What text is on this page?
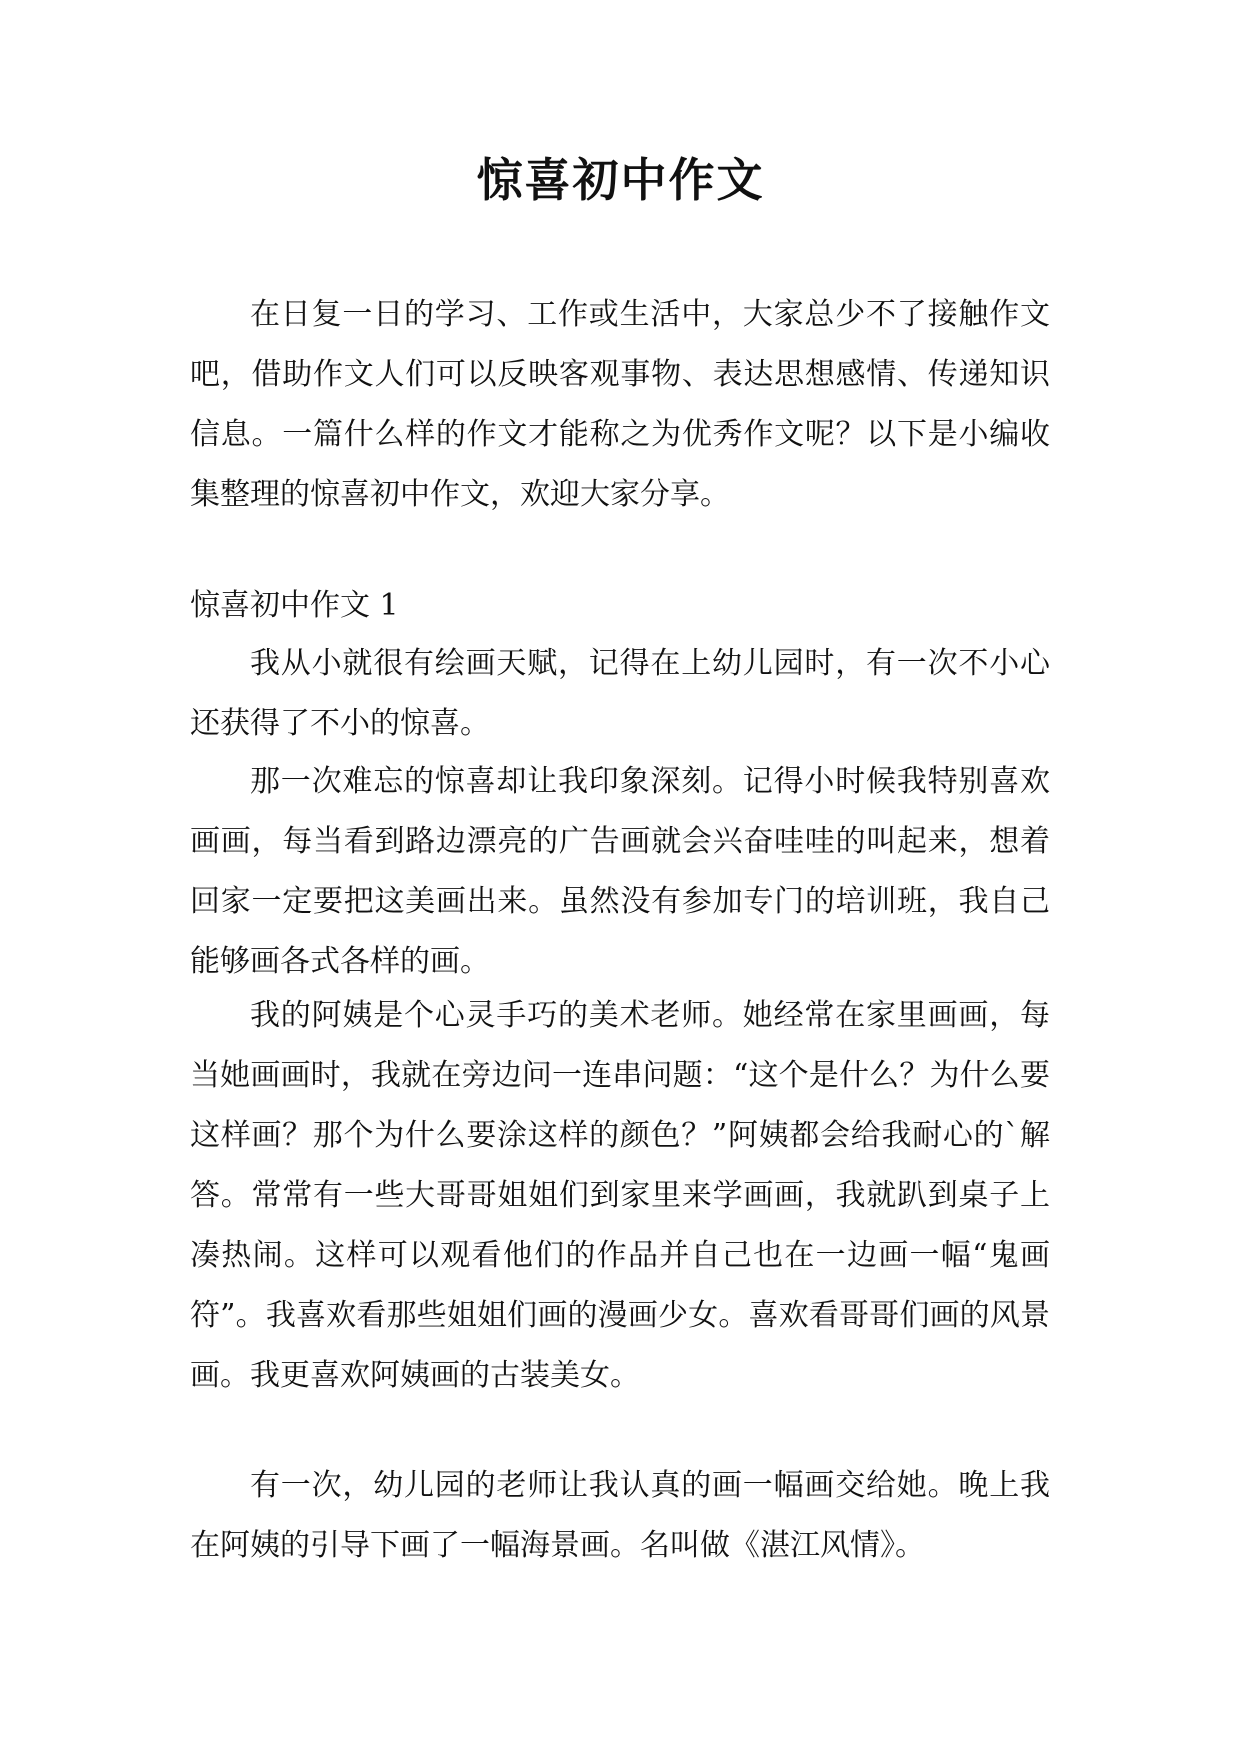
惊喜初中作文

在日复一日的学习、工作或生活中，大家总少不了接触作文吧，借助作文人们可以反映客观事物、表达思想感情、传递知识信息。一篇什么样的作文才能称之为优秀作文呢？以下是小编收集整理的惊喜初中作文，欢迎大家分享。

惊喜初中作文 1

我从小就很有绘画天赋，记得在上幼儿园时，有一次不小心还获得了不小的惊喜。

那一次难忘的惊喜却让我印象深刻。记得小时候我特别喜欢画画，每当看到路边漂亮的广告画就会兴奋哇哇的叫起来，想着回家一定要把这美画出来。虽然没有参加专门的培训班，我自己能够画各式各样的画。

我的阿姨是个心灵手巧的美术老师。她经常在家里画画，每当她画画时，我就在旁边问一连串问题：“这个是什么？为什么要这样画？那个为什么要涂这样的颜色？”阿姨都会给我耐心的`解答。常常有一些大哥哥姐姐们到家里来学画画，我就趴到桌子上凑热闹。这样可以观看他们的作品并自己也在一边画一幅“鬼画符”。我喜欢看那些姐姐们画的漫画少女。喜欢看哥哥们画的风景画。我更喜欢阿姨画的古装美女。

有一次，幼儿园的老师让我认真的画一幅画交给她。晚上我在阿姨的引导下画了一幅海景画。名叫做《湛江风情》。
